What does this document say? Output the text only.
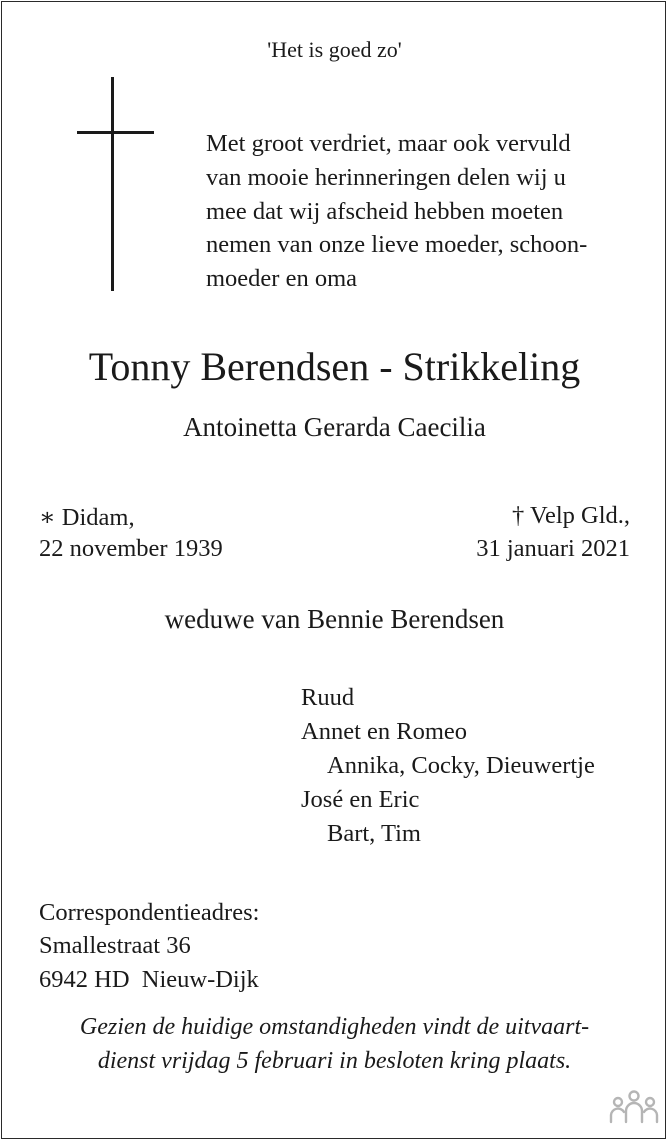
'Het is goed zo'
Met groot verdriet, maar ook vervuld
van mooie herinneringen delen wij u
mee dat wij afscheid hebben moeten
nemen van onze lieve moeder, schoon-
moeder en oma
Tonny Berendsen - Strikkeling
Antoinetta Gerarda Caecilia
∗ Didam,
22 november 1939
† Velp Gld.,
31 januari 2021
weduwe van Bennie Berendsen
Ruud
Annet en Romeo
Annika, Cocky, Dieuwertje
José en Eric
Bart, Tim
Correspondentieadres:
Smallestraat 36
6942 HD  Nieuw-Dijk
Gezien de huidige omstandigheden vindt de uitvaart-
dienst vrijdag 5 februari in besloten kring plaats.
